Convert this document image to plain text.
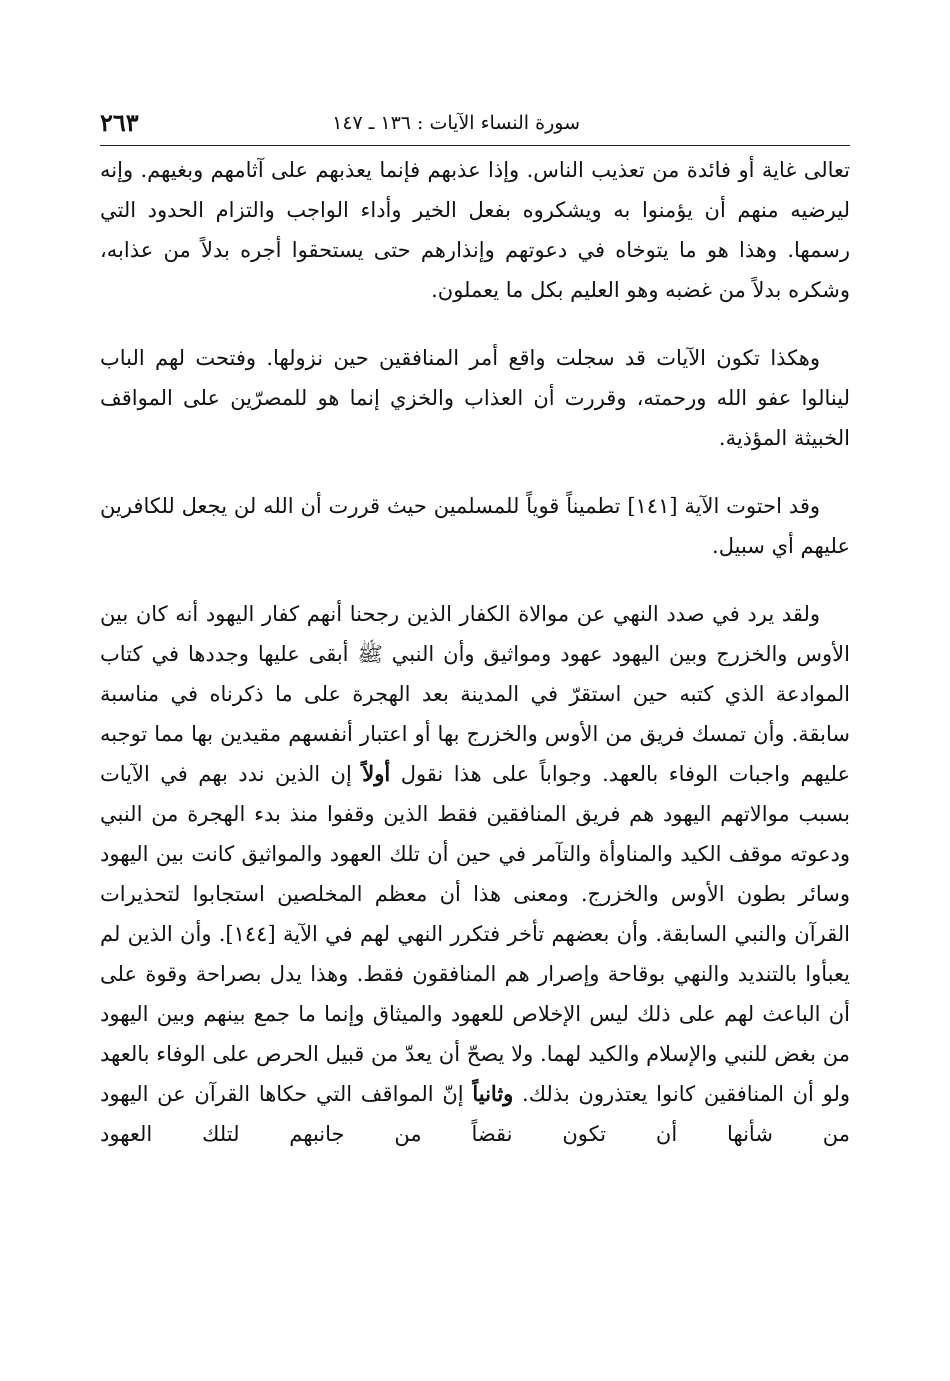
سورة النساء الآيات : ١٣٦ ـ ١٤٧
٢٦٣

تعالى غاية أو فائدة من تعذيب الناس. وإذا عذبهم فإنما يعذبهم على آثامهم وبغيهم. وإنه ليرضيه منهم أن يؤمنوا به ويشكروه بفعل الخير وأداء الواجب والتزام الحدود التي رسمها. وهذا هو ما يتوخاه في دعوتهم وإنذارهم حتى يستحقوا أجره بدلاً من عذابه، وشكره بدلاً من غضبه وهو العليم بكل ما يعملون.

وهكذا تكون الآيات قد سجلت واقع أمر المنافقين حين نزولها. وفتحت لهم الباب لينالوا عفو الله ورحمته، وقررت أن العذاب والخزي إنما هو للمصرّين على المواقف الخبيثة المؤذية.

وقد احتوت الآية [١٤١] تطميناً قوياً للمسلمين حيث قررت أن الله لن يجعل للكافرين عليهم أي سبيل.

ولقد يرد في صدد النهي عن موالاة الكفار الذين رجحنا أنهم كفار اليهود أنه كان بين الأوس والخزرج وبين اليهود عهود ومواثيق وأن النبي ﷺ أبقى عليها وجددها في كتاب الموادعة الذي كتبه حين استقرّ في المدينة بعد الهجرة على ما ذكرناه في مناسبة سابقة. وأن تمسك فريق من الأوس والخزرج بها أو اعتبار أنفسهم مقيدين بها مما توجبه عليهم واجبات الوفاء بالعهد. وجواباً على هذا نقول أولاً إن الذين ندد بهم في الآيات بسبب موالاتهم اليهود هم فريق المنافقين فقط الذين وقفوا منذ بدء الهجرة من النبي ودعوته موقف الكيد والمناوأة والتآمر في حين أن تلك العهود والمواثيق كانت بين اليهود وسائر بطون الأوس والخزرج. ومعنى هذا أن معظم المخلصين استجابوا لتحذيرات القرآن والنبي السابقة. وأن بعضهم تأخر فتكرر النهي لهم في الآية [١٤٤]. وأن الذين لم يعبأوا بالتنديد والنهي بوقاحة وإصرار هم المنافقون فقط. وهذا يدل بصراحة وقوة على أن الباعث لهم على ذلك ليس الإخلاص للعهود والميثاق وإنما ما جمع بينهم وبين اليهود من بغض للنبي والإسلام والكيد لهما. ولا يصحّ أن يعدّ من قبيل الحرص على الوفاء بالعهد ولو أن المنافقين كانوا يعتذرون بذلك. وثانياً إنّ المواقف التي حكاها القرآن عن اليهود من شأنها أن تكون نقضاً من جانبهم لتلك العهود
